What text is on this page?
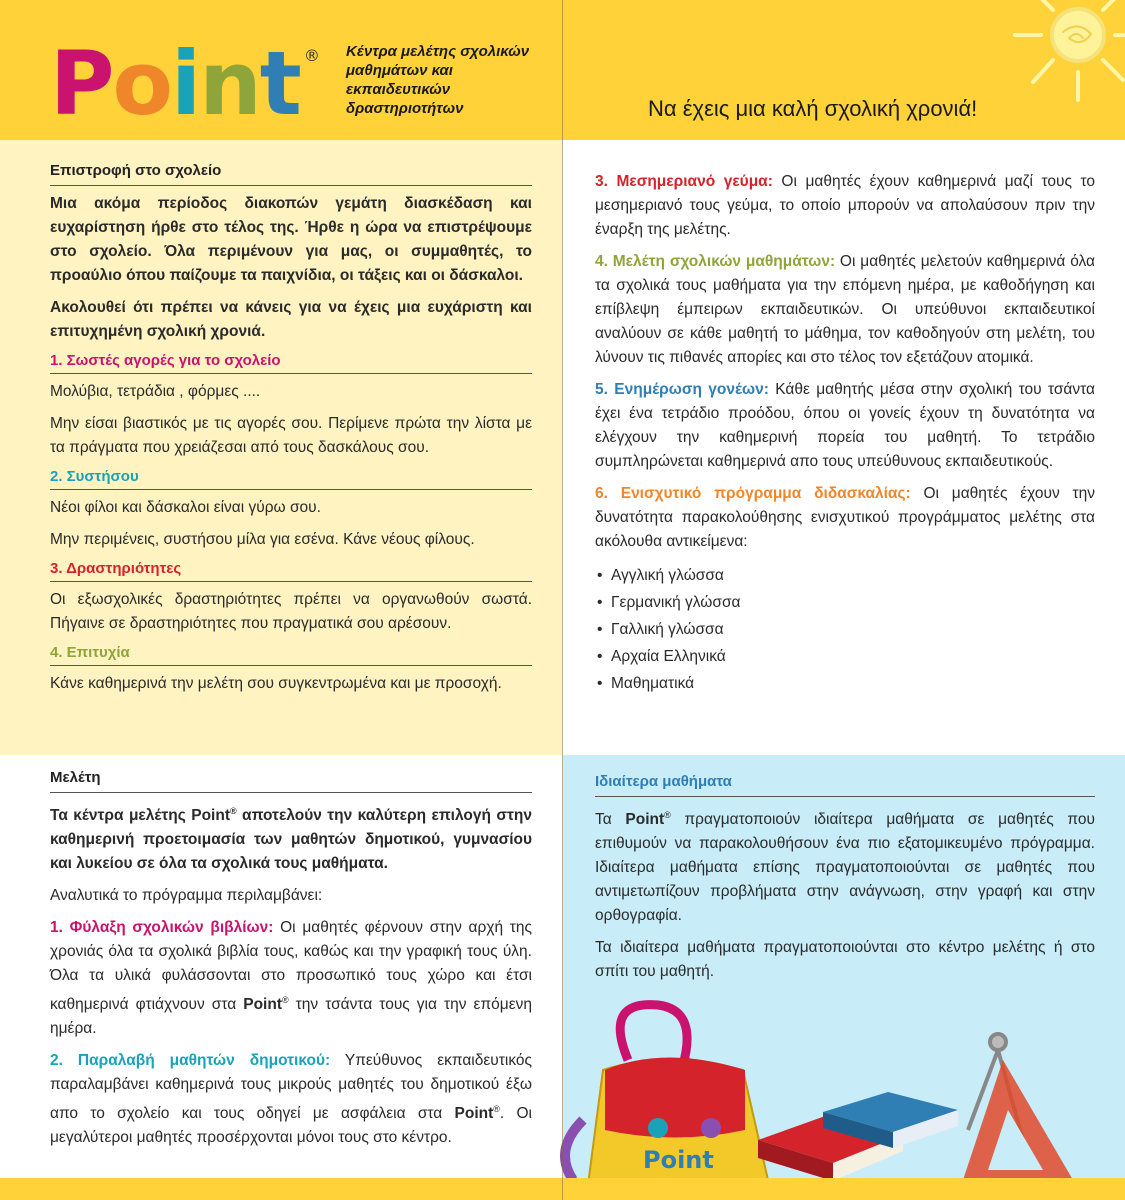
P o i n t ® Κέντρα μελέτης σχολικών μαθημάτων και εκπαιδευτικών δραστηριοτήτων	Να έχεις μια καλή σχολική χρονιά!
Επιστροφή στο σχολείο

Μια ακόμα περίοδος διακοπών γεμάτη διασκέδαση και ευχαρίστηση ήρθε στο τέλος της. Ήρθε η ώρα να επιστρέψουμε στο σχολείο. Όλα περιμένουν για μας, οι συμμαθητές, το προαύλιο όπου παίζουμε τα παιχνίδια, οι τάξεις και οι δάσκαλοι.

Ακολουθεί ότι πρέπει να κάνεις για να έχεις μια ευχάριστη και επιτυχημένη σχολική χρονιά.

1. Σωστές αγορές για το σχολείο

Μολύβια, τετράδια , φόρμες ....

Μην είσαι βιαστικός με τις αγορές σου. Περίμενε πρώτα την λίστα με τα πράγματα που χρειάζεσαι από τους δασκάλους σου.

2. Συστήσου

Νέοι φίλοι και δάσκαλοι είναι γύρω σου.

Μην περιμένεις, συστήσου μίλα για εσένα. Κάνε νέους φίλους.

3. Δραστηριότητες

Οι εξωσχολικές δραστηριότητες πρέπει να οργανωθούν σωστά. Πήγαινε σε δραστηριότητες που πραγματικά σου αρέσουν.

4. Επιτυχία

Κάνε καθημερινά την μελέτη σου συγκεντρωμένα και με προσοχή.

Μελέτη

Τα κέντρα μελέτης Point® αποτελούν την καλύτερη επιλογή στην καθημερινή προετοιμασία των μαθητών δημοτικού, γυμνασίου και λυκείου σε όλα τα σχολικά τους μαθήματα.

Αναλυτικά το πρόγραμμα περιλαμβάνει:

1. Φύλαξη σχολικών βιβλίων: Οι μαθητές φέρνουν στην αρχή της χρονιάς όλα τα σχολικά βιβλία τους, καθώς και την γραφική τους ύλη. Όλα τα υλικά φυλάσσονται στο προσωπικό τους χώρο και έτσι καθημερινά φτιάχνουν στα Point® την τσάντα τους για την επόμενη ημέρα.

2. Παραλαβή μαθητών δημοτικού: Υπεύθυνος εκπαιδευτικός παραλαμβάνει καθημερινά τους μικρούς μαθητές του δημοτικού έξω απο το σχολείο και τους οδηγεί με ασφάλεια στα Point®. Οι μεγαλύτεροι μαθητές προσέρχονται μόνοι τους στο κέντρο.

3. Μεσημεριανό γεύμα: Οι μαθητές έχουν καθημερινά μαζί τους το μεσημεριανό τους γεύμα, το οποίο μπορούν να απολαύσουν πριν την έναρξη της μελέτης.

4. Μελέτη σχολικών μαθημάτων: Οι μαθητές μελετούν καθημερινά όλα τα σχολικά τους μαθήματα για την επόμενη ημέρα, με καθοδήγηση και επίβλεψη έμπειρων εκπαιδευτικών. Οι υπεύθυνοι εκπαιδευτικοί αναλύουν σε κάθε μαθητή το μάθημα, τον καθοδηγούν στη μελέτη, του λύνουν τις πιθανές απορίες και στο τέλος τον εξετάζουν ατομικά.

5. Ενημέρωση γονέων: Κάθε μαθητής μέσα στην σχολική του τσάντα έχει ένα τετράδιο προόδου, όπου οι γονείς έχουν τη δυνατότητα να ελέγχουν την καθημερινή πορεία του μαθητή. Το τετράδιο συμπληρώνεται καθημερινά απο τους υπεύθυνους εκπαιδευτικούς.

6. Ενισχυτικό πρόγραμμα διδασκαλίας: Οι μαθητές έχουν την δυνατότητα παρακολούθησης ενισχυτικού προγράμματος μελέτης στα ακόλουθα αντικείμενα:

• Αγγλική γλώσσα
• Γερμανική γλώσσα
• Γαλλική γλώσσα
• Αρχαία Ελληνικά
• Μαθηματικά
Ιδιαίτερα μαθήματα

Τα Point® πραγματοποιούν ιδιαίτερα μαθήματα σε μαθητές που επιθυμούν να παρακολουθήσουν ένα πιο εξατομικευμένο πρόγραμμα. Ιδιαίτερα μαθήματα επίσης πραγματοποιούνται σε μαθητές που αντιμετωπίζουν προβλήματα στην ανάγνωση, στην γραφή και στην ορθογραφία.

Τα ιδιαίτερα μαθήματα πραγματοποιούνται στο κέντρο μελέτης ή στο σπίτι του μαθητή.

Point
